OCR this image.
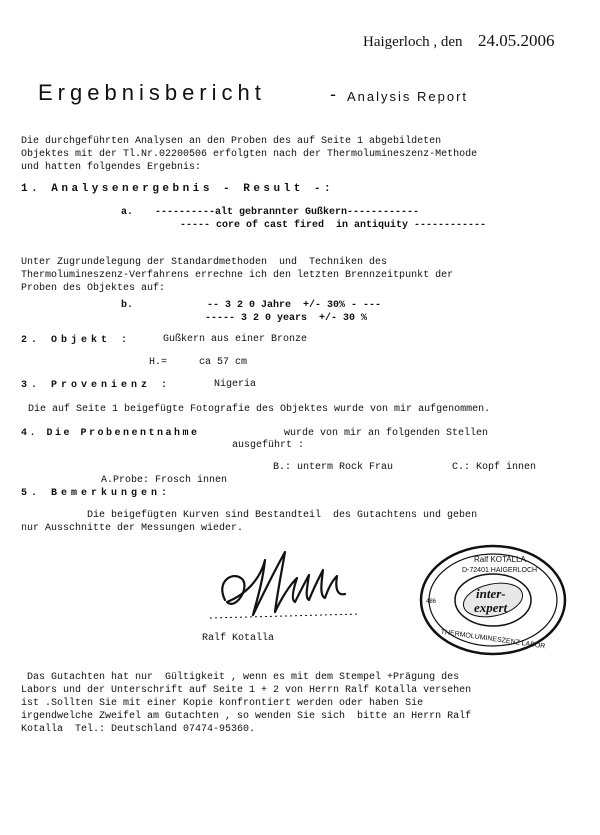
Haigerloch , den 24.05.2006
Ergebnisbericht	- Analysis Report
Die durchgeführten Analysen an den Proben des auf Seite 1 abgebildeten
Objektes mit der Tl.Nr.02200506 erfolgten nach der Thermolumineszenz-Methode
und hatten folgendes Ergebnis:
1. Analysenergebnis - Result -:
a. ----------alt gebrannter Gußkern------------
----- core of cast fired  in antiquity ------------
Unter Zugrundelegung der Standardmethoden  und  Techniken des
Thermolumineszenz-Verfahrens errechne ich den letzten Brennzeitpunkt der
Proben des Objektes auf:
b.	-- 3 2 0 Jahre  +/- 30% - ---
----- 3 2 0 years  +/- 30 %
2. Objekt :	Gußkern aus einer Bronze
H.=	ca 57 cm
3. Provenienz :	Nigeria
Die auf Seite 1 beigefügte Fotografie des Objektes wurde von mir aufgenommen.
4. Die Probenentnahme	wurde von mir an folgenden Stellen
ausgeführt :

A.Probe: Frosch innen

B.: unterm Rock Frau	C.: Kopf innen
5. Bemerkungen:
Die beigefügten Kurven sind Bestandteil  des Gutachtens und geben
nur Ausschnitte der Messungen wieder.
Ralf Kotalla
Ralf KOTALLA
D-72401 HAIGERLOCH
inter-
expert
486
THERMOLUMINESZENZ LABOR
Das Gutachten hat nur  Gültigkeit , wenn es mit dem Stempel +Prägung des
Labors und der Unterschrift auf Seite 1 + 2 von Herrn Ralf Kotalla versehen
ist .Sollten Sie mit einer Kopie konfrontiert werden oder haben Sie
irgendwelche Zweifel am Gutachten , so wenden Sie sich  bitte an Herrn Ralf
Kotalla  Tel.: Deutschland 07474-95360.
